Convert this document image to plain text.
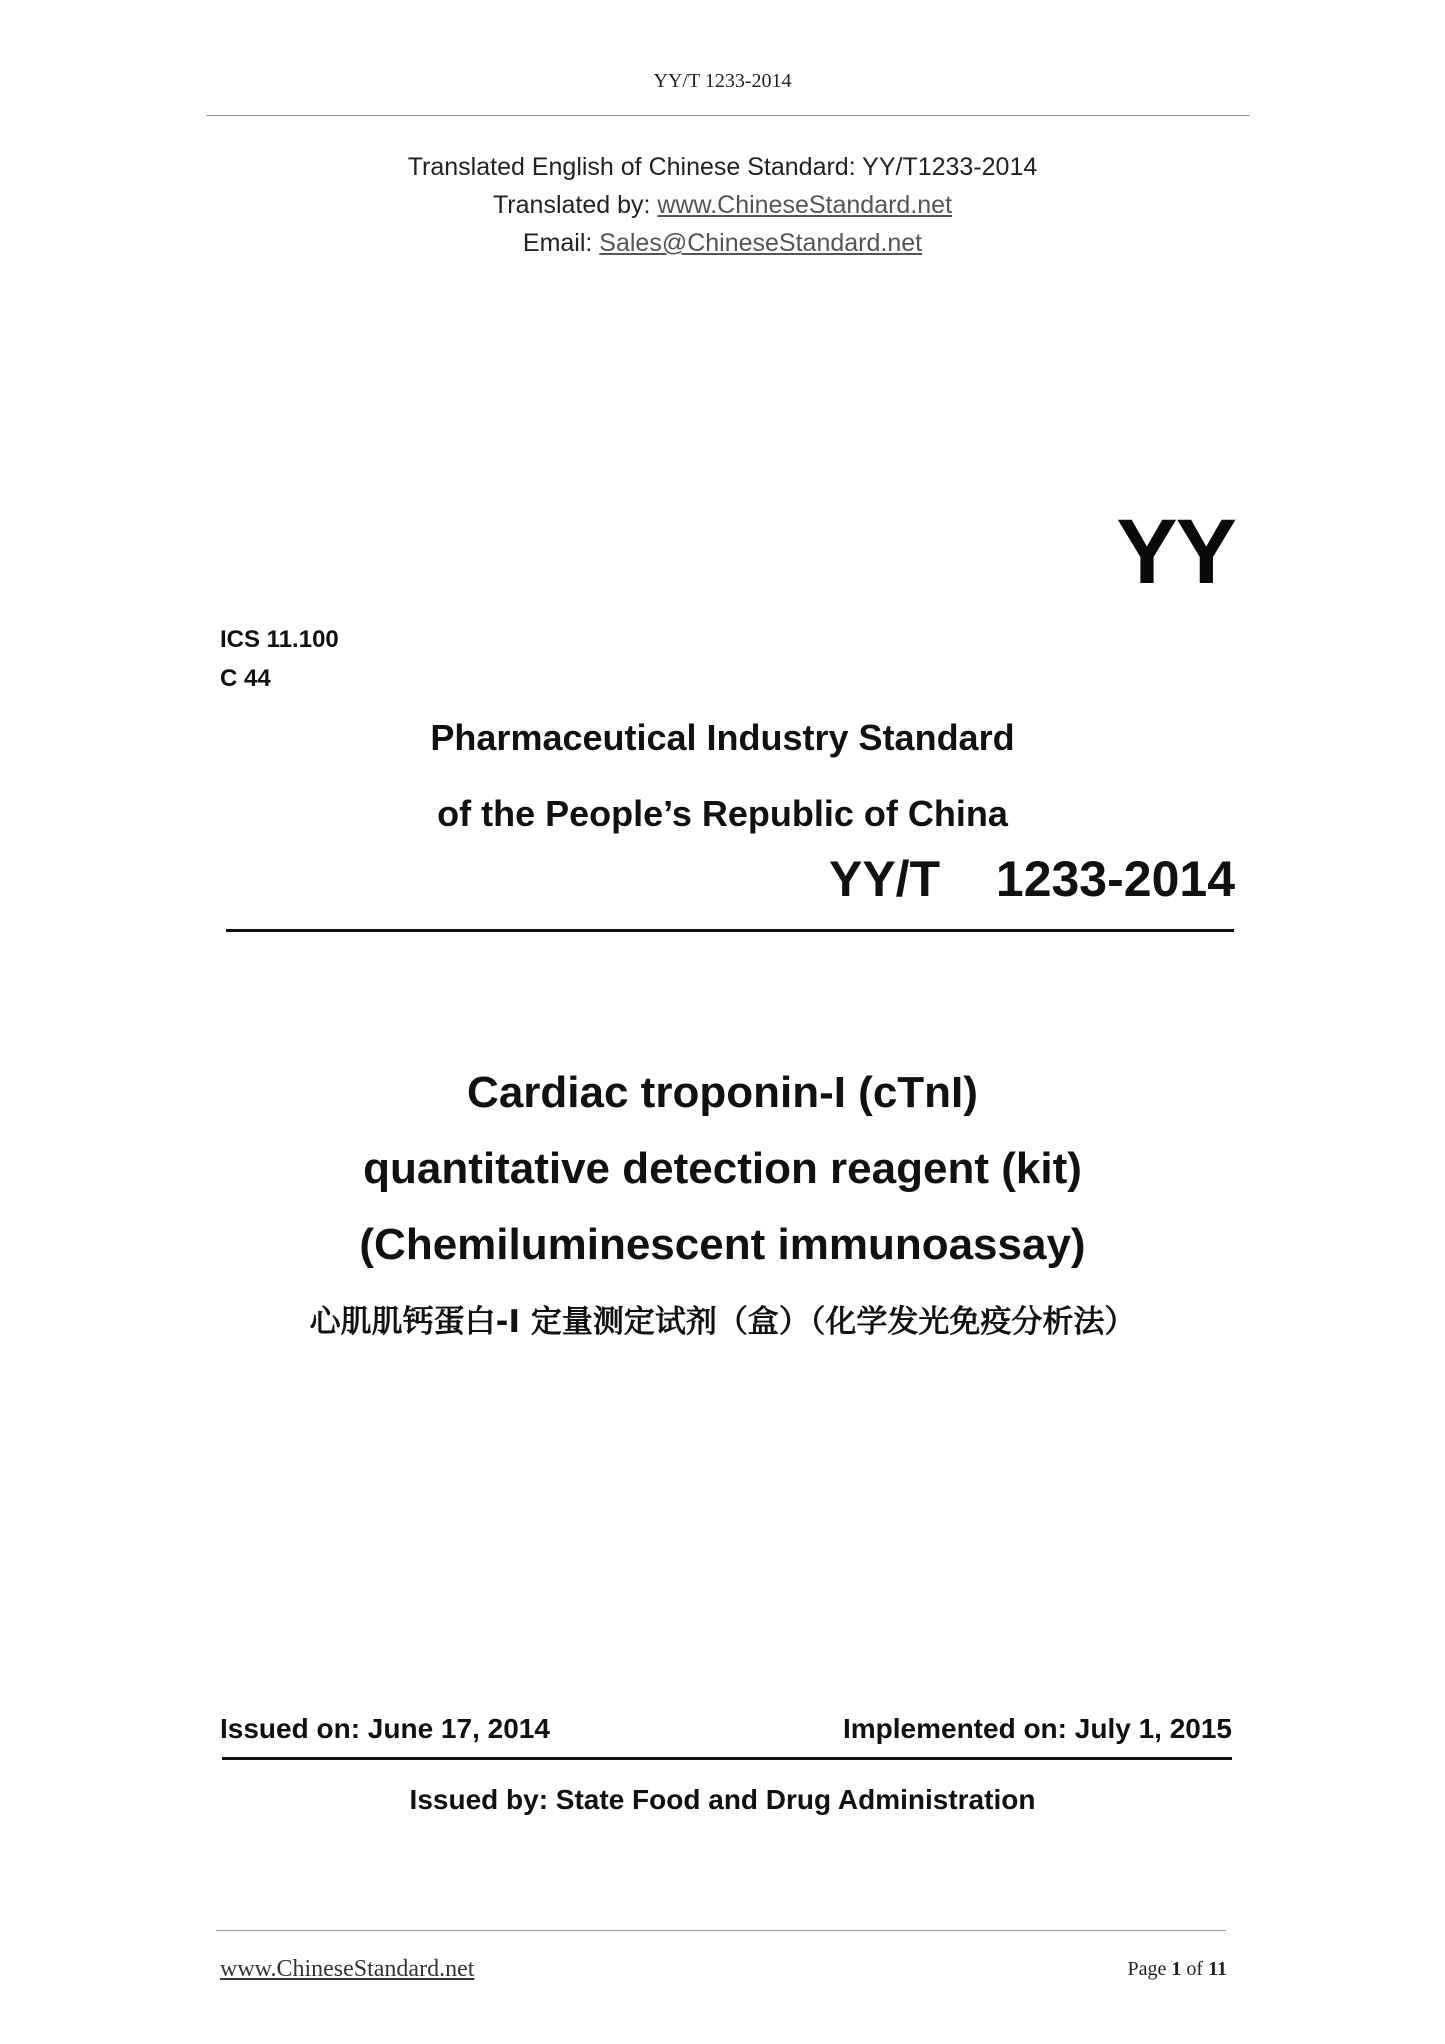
YY/T 1233-2014
Translated English of Chinese Standard: YY/T1233-2014
Translated by: www.ChineseStandard.net
Email: Sales@ChineseStandard.net
YY
ICS 11.100
C 44
Pharmaceutical Industry Standard
of the People’s Republic of China
YY/T  1233-2014
Cardiac troponin-I (cTnI)
quantitative detection reagent (kit)
(Chemiluminescent immunoassay)
心肌肌钙蛋白-I 定量测定试剂（盒）（化学发光免疫分析法）
Issued on: June 17, 2014	Implemented on: July 1, 2015
Issued by: State Food and Drug Administration
www.ChineseStandard.net	Page 1 of 11
